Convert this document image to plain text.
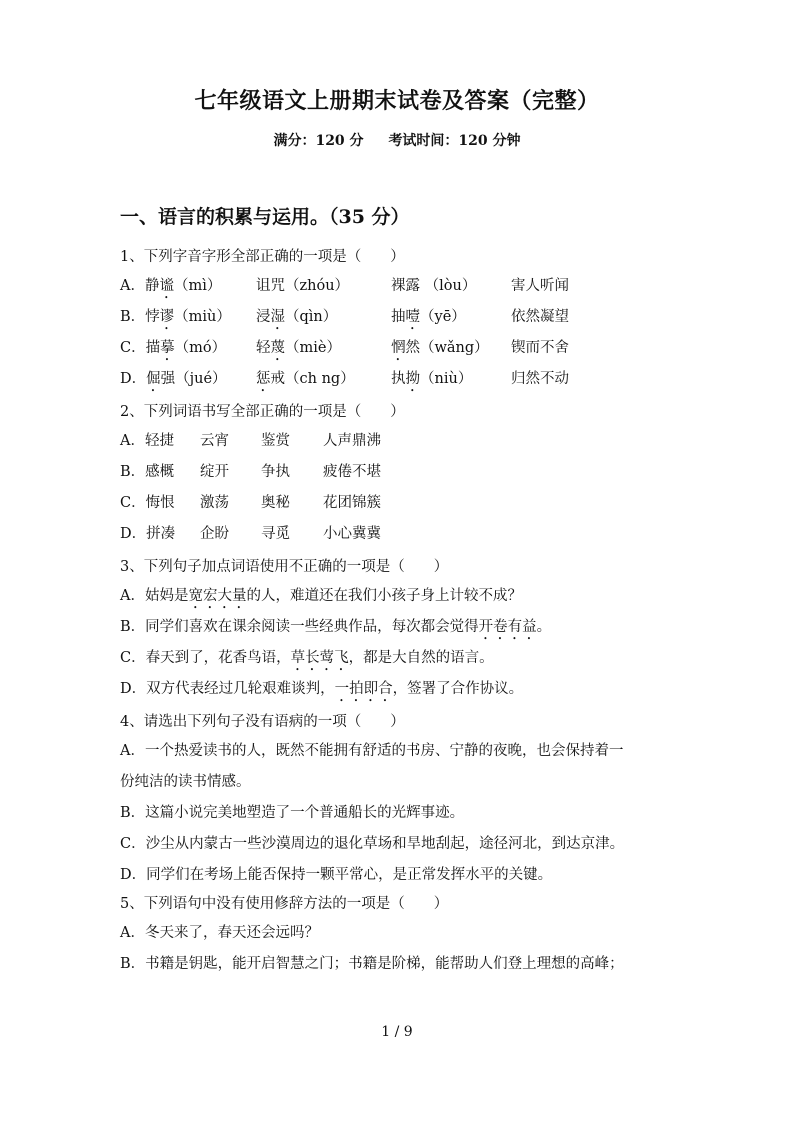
七年级语文上册期末试卷及答案（完整）
满分：120 分 考试时间：120 分钟
一、语言的积累与运用。（35 分）
1、下列字音字形全部正确的一项是（　　）
A．静谧（mì）	诅咒（zhóu）	裸露 （lòu）	害人听闻
B．悖谬（miù）	浸湿（qìn）	抽噎（yē）	依然凝望
C．描摹（mó）	轻蔑（miè）	惘然（wǎng）	锲而不舍
D．倔强（jué）	惩戒（ch ng）	执拗（niù）	归然不动
2、下列词语书写全部正确的一项是（　　）
A．轻捷	云宵	鉴赏	人声鼎沸
B．感概	绽开	争执	疲倦不堪
C．悔恨	激荡	奥秘	花团锦簇
D．拼凑	企盼	寻觅	小心冀冀
3、下列句子加点词语使用不正确的一项是（　　）
A．姑妈是宽宏大量的人，难道还在我们小孩子身上计较不成？
B．同学们喜欢在课余阅读一些经典作品，每次都会觉得开卷有益。
C．春天到了，花香鸟语，草长莺飞，都是大自然的语言。
D．双方代表经过几轮艰难谈判，一拍即合，签署了合作协议。
4、请选出下列句子没有语病的一项（　　）
A．一个热爱读书的人，既然不能拥有舒适的书房、宁静的夜晚，也会保持着一
份纯洁的读书情感。
B．这篇小说完美地塑造了一个普通船长的光辉事迹。
C．沙尘从内蒙古一些沙漠周边的退化草场和旱地刮起，途径河北，到达京津。
D．同学们在考场上能否保持一颗平常心，是正常发挥水平的关键。
5、下列语句中没有使用修辞方法的一项是（　　）
A．冬天来了，春天还会远吗？
B．书籍是钥匙，能开启智慧之门；书籍是阶梯，能帮助人们登上理想的高峰；
1 / 9
